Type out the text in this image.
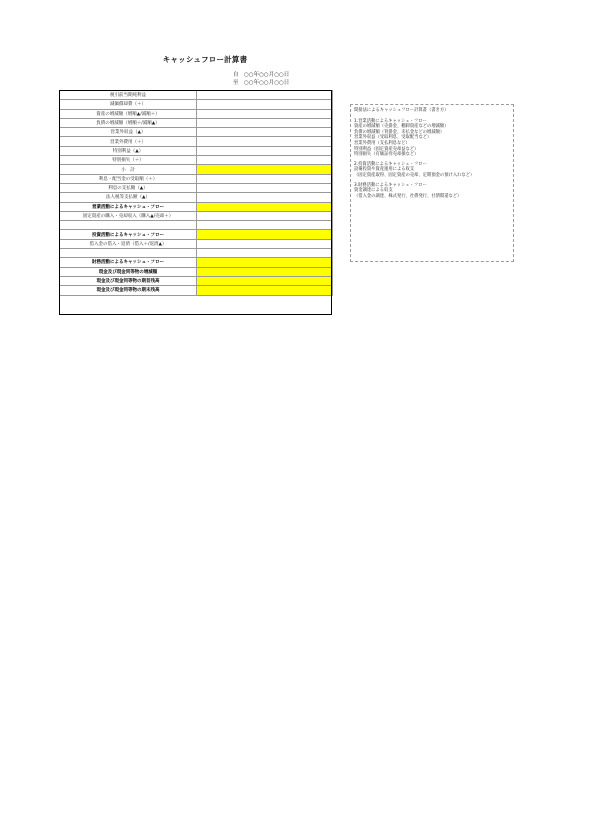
キャッシュフロー計算書
自　○○年○○月○○日
至　○○年○○月○○日
税引前当期純利益	
減価償却費（＋）	
資産の増減額（増額▲/減額＋）	
負債の増減額（増額＋/減額▲）	
営業外収益（▲）	
営業外費用（＋）	
特別利益（▲）	
特別損失（＋）	
小　計	
利息・配当金の受取額（＋）	
利息の支払額（▲）	
法人税等支払額（▲）	
営業活動によるキャッシュ・フロー	
固定資産の購入・売却収入（購入▲/売却＋）	

投資活動によるキャッシュ・フロー	
借入金の借入・返済（借入＋/返済▲）	

財務活動によるキャッシュ・フロー	
現金及び現金同等物の増減額	
現金及び現金同等物の期首残高	
現金及び現金同等物の期末残高	
間接法によるキャッシュフロー計算書（書き方）
1.営業活動によるキャッシュ・フロー
資産の増減額（売掛金、棚卸資産などの増減額）
負債の増減額（買掛金、未払金などの増減額）
営業外収益（受取利息、受取配当など）
営業外費用（支払利息など）
特別利益（固定資産売却益など）
特別損失（有価証券売却損など）
2.投資活動によるキャッシュ・フロー
設備投資や資産運用による収支
（固定資産取得、固定資産の売却、定期預金の預け入れなど）
3.財務活動によるキャッシュ・フロー
資金調達による収支
（借入金の調達、株式発行、社債発行、社債償還など）
